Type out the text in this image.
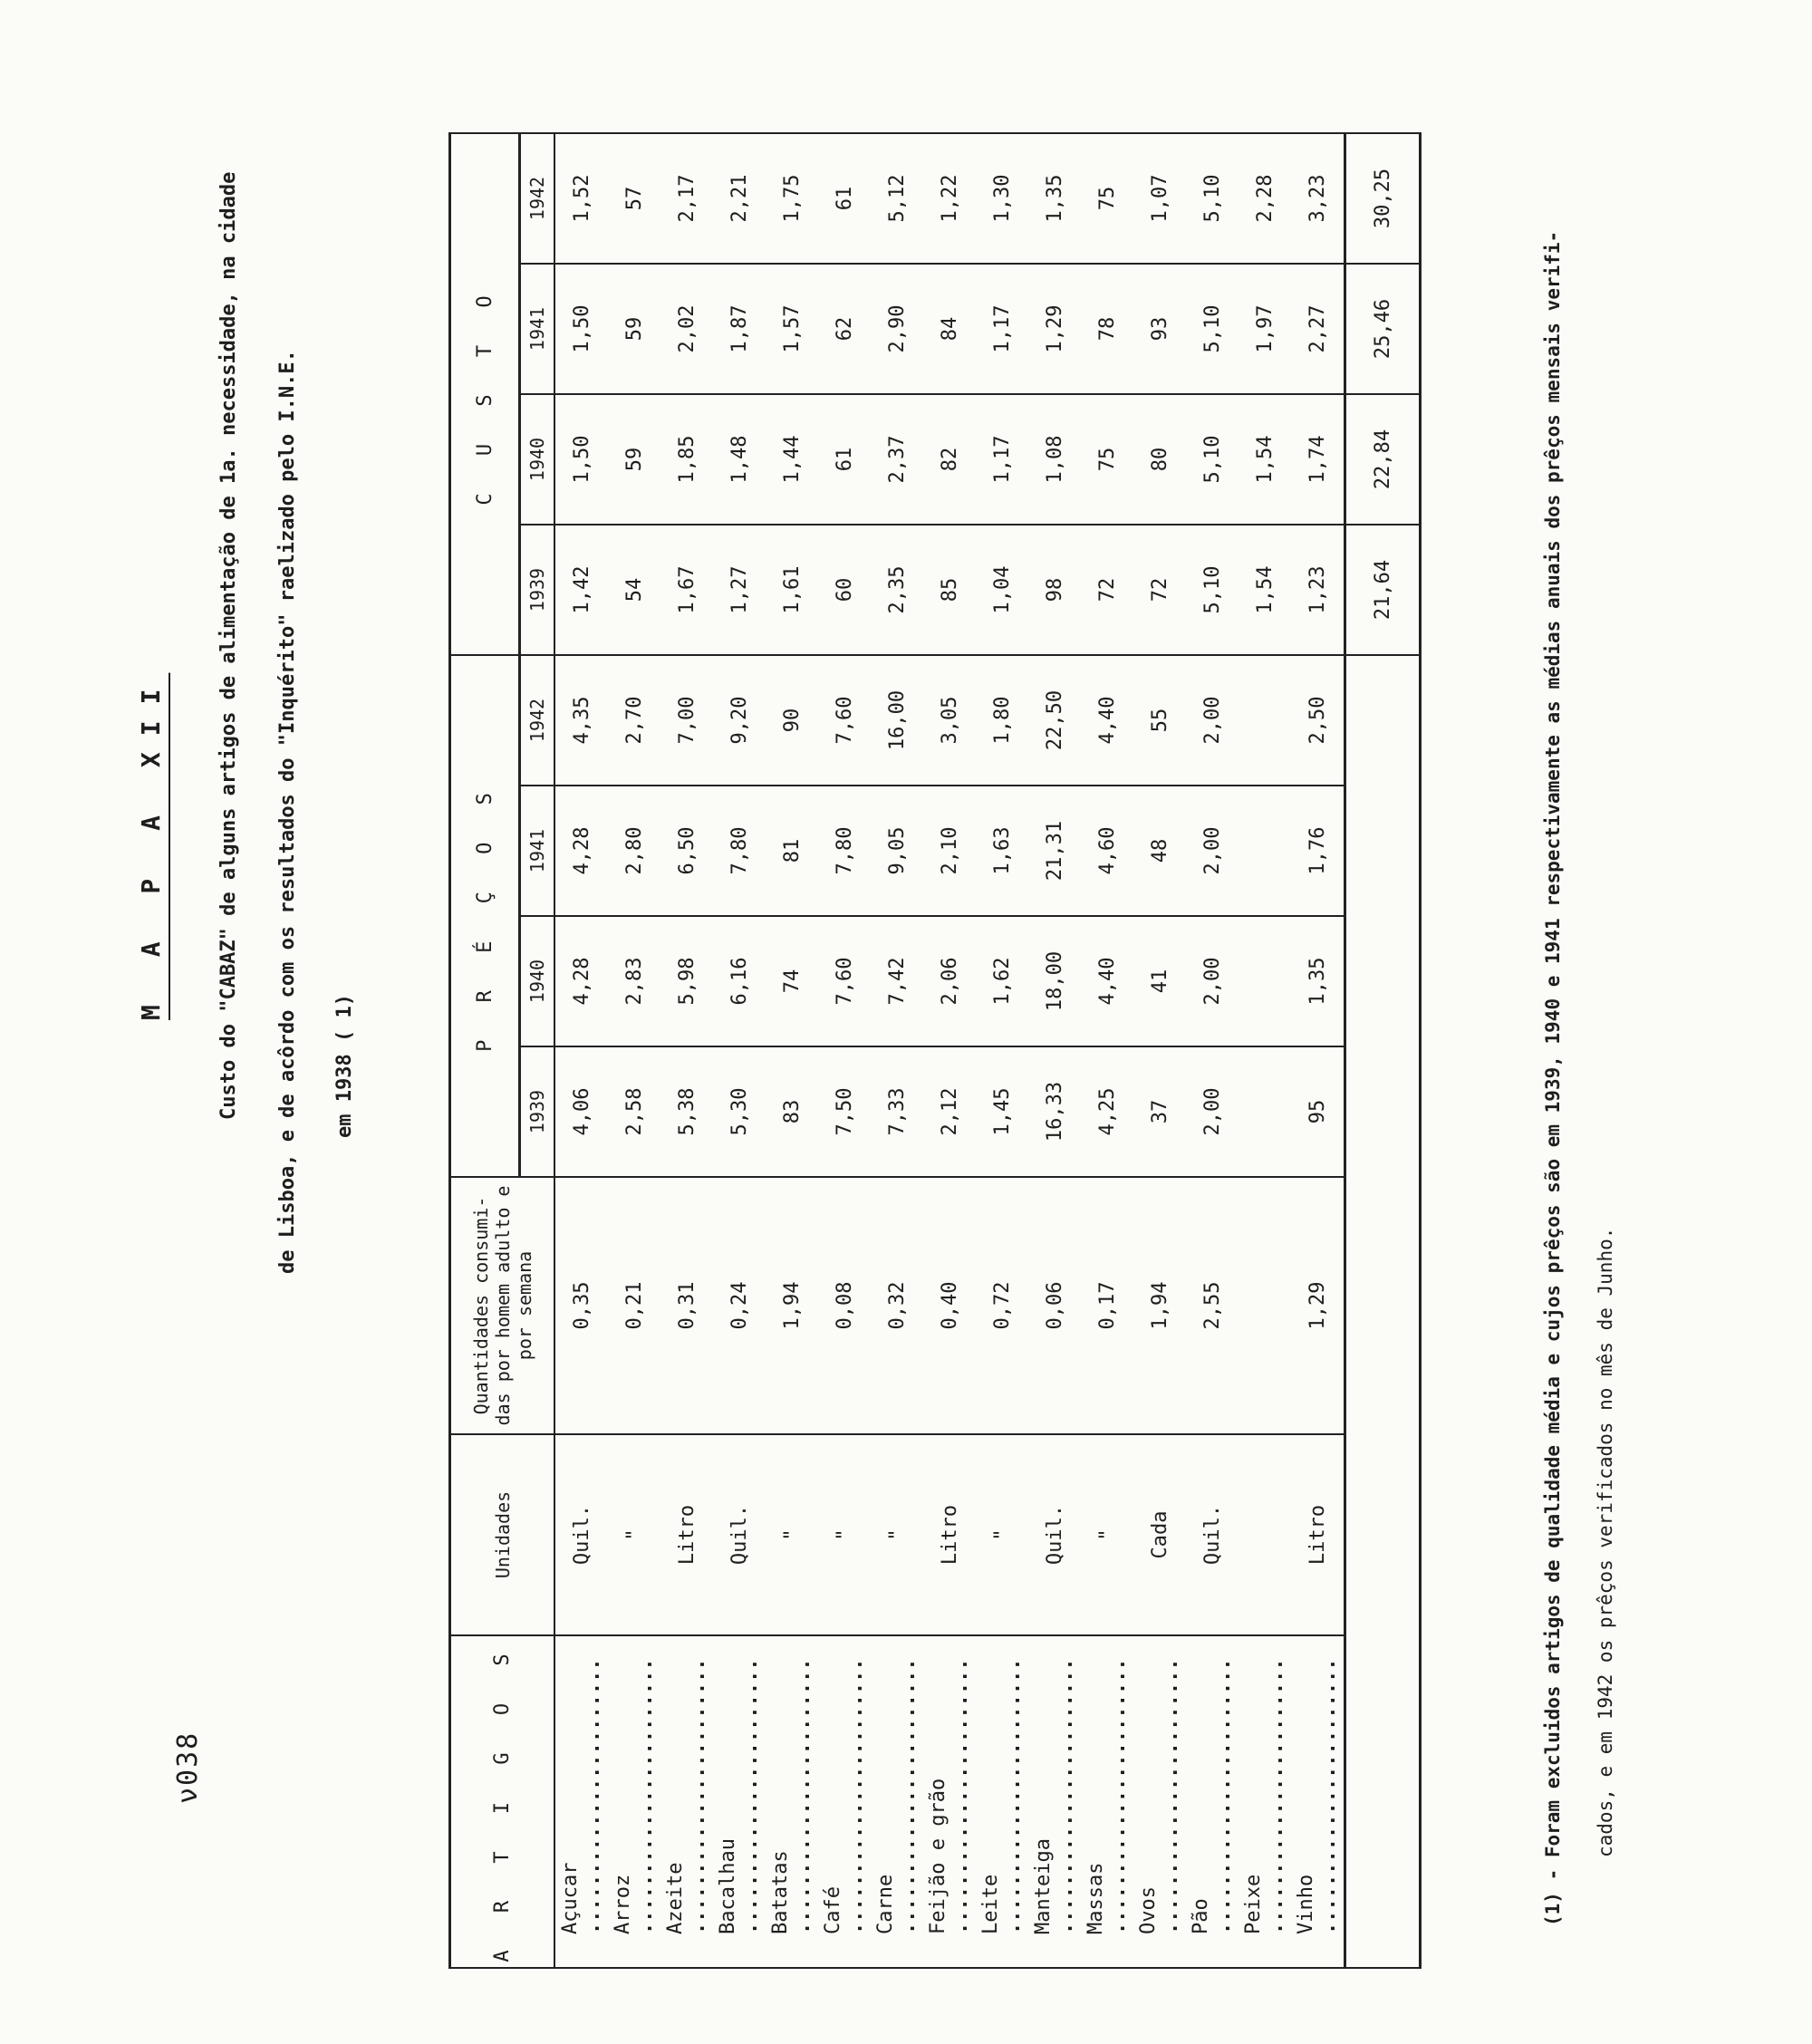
ν038
M A P A XII	Custo do "CABAZ" de alguns artigos de alimentação de 1a. necessidade, na cidade de Lisboa, e de acôrdo com os resultados do "Inquérito" raelizado pelo I.N.E. em 1938 ( 1)
A R T I G O S	Unidades	Quantidades consumi- das por homem adulto e por semana	P R É Ç O S				C U S T O			
			1939	1940	1941	1942	1939	1940	1941	1942
Açucar .....	Quil.	0,35	4,06	4,28	4,28	4,35	1,42	1,50	1,50	1,52
Arroz .....	"	0,21	2,58	2,83	2,80	2,70	54	59	59	57
Azeite .....	Litro	0,31	5,38	5,98	6,50	7,00	1,67	1,85	2,02	2,17
Bacalhau .....	Quil.	0,24	5,30	6,16	7,80	9,20	1,27	1,48	1,87	2,21
Batatas .....	"	1,94	83	74	81	90	1,61	1,44	1,57	1,75
Café .....	"	0,08	7,50	7,60	7,80	7,60	60	61	62	61
Carne .....	"	0,32	7,33	7,42	9,05	16,00	2,35	2,37	2,90	5,12
Feijão e grão .....	Litro	0,40	2,12	2,06	2,10	3,05	85	82	84	1,22
Leite .....	"	0,72	1,45	1,62	1,63	1,80	1,04	1,17	1,17	1,30
Manteiga .....	Quil.	0,06	16,33	18,00	21,31	22,50	98	1,08	1,29	1,35
Massas .....	"	0,17	4,25	4,40	4,60	4,40	72	75	78	75
Ovos .....	Cada	1,94	37	41	48	55	72	80	93	1,07
Pão .....	Quil.	2,55	2,00	2,00	2,00	2,00	5,10	5,10	5,10	5,10
Peixe .....							1,54	1,54	1,97	2,28
Vinho .....	Litro	1,29	95	1,35	1,76	2,50	1,23	1,74	2,27	3,23
							21,64	22,84	25,46	30,25
(1) - Foram excluidos artigos de qualidade média e cujos prêços são em 1939, 1940 e 1941 respectivamente as médias anuais dos prêços mensais verifi-	cados, e em 1942 os prêços verificados no mês de Junho.
